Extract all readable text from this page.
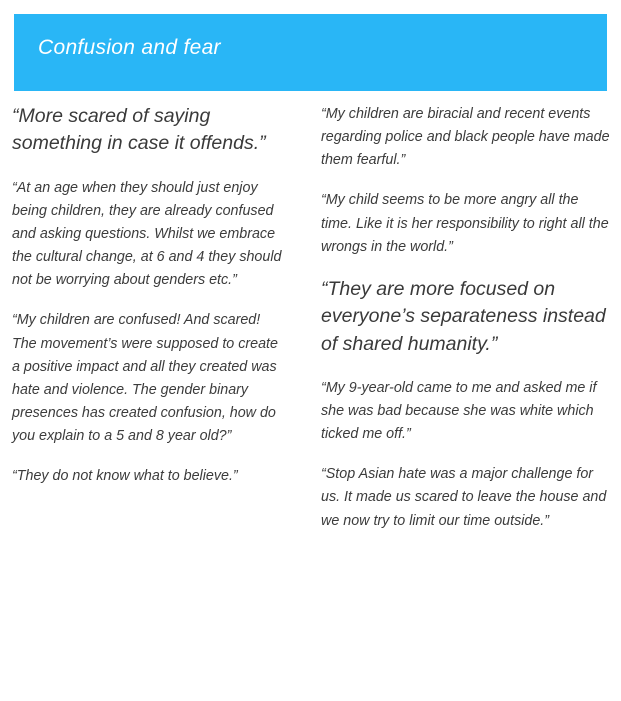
Confusion and fear

“More scared of saying something in case it offends.”

“At an age when they should just enjoy being children, they are already confused and asking questions. Whilst we embrace the cultural change, at 6 and 4 they should not be worrying about genders etc.”

“My children are confused! And scared! The movement’s were supposed to create a positive impact and all they created was hate and violence. The gender binary presences has created confusion, how do you explain to a 5 and 8 year old?”

“They do not know what to believe.”

“My children are biracial and recent events regarding police and black people have made them fearful.”

“My child seems to be more angry all the time. Like it is her responsibility to right all the wrongs in the world.”

“They are more focused on everyone’s separateness instead of shared humanity.”

“My 9-year-old came to me and asked me if she was bad because she was white which ticked me off.”

“Stop Asian hate was a major challenge for us. It made us scared to leave the house and we now try to limit our time outside.”
